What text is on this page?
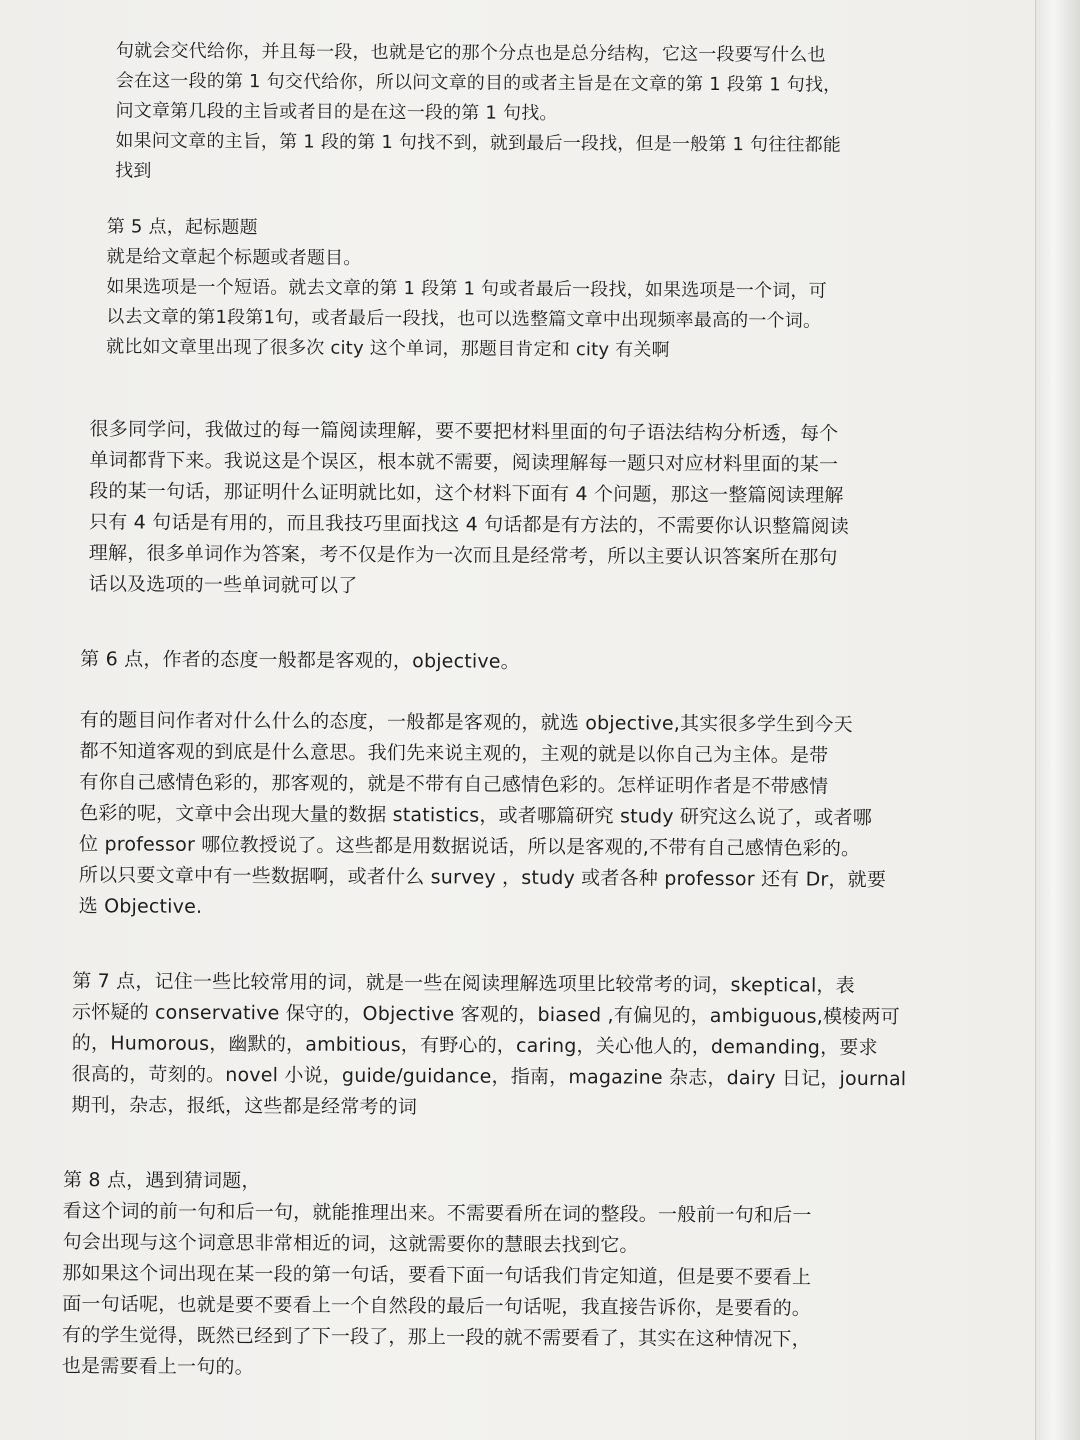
句就会交代给你，并且每一段，也就是它的那个分点也是总分结构，它这一段要写什么也

会在这一段的第 1 句交代给你，所以问文章的目的或者主旨是在文章的第 1 段第 1 句找，

问文章第几段的主旨或者目的是在这一段的第 1 句找。

如果问文章的主旨，第 1 段的第 1 句找不到，就到最后一段找，但是一般第 1 句往往都能

找到

第 5 点，起标题题

就是给文章起个标题或者题目。

如果选项是一个短语。就去文章的第 1 段第 1 句或者最后一段找，如果选项是一个词，可

以去文章的第1段第1句，或者最后一段找，也可以选整篇文章中出现频率最高的一个词。

就比如文章里出现了很多次 city 这个单词，那题目肯定和 city 有关啊

很多同学问，我做过的每一篇阅读理解，要不要把材料里面的句子语法结构分析透，每个

单词都背下来。我说这是个误区，根本就不需要，阅读理解每一题只对应材料里面的某一

段的某一句话，那证明什么证明就比如，这个材料下面有 4 个问题，那这一整篇阅读理解

只有 4 句话是有用的，而且我技巧里面找这 4 句话都是有方法的，不需要你认识整篇阅读

理解，很多单词作为答案，考不仅是作为一次而且是经常考，所以主要认识答案所在那句

话以及选项的一些单词就可以了

第 6 点，作者的态度一般都是客观的，objective。

有的题目问作者对什么什么的态度，一般都是客观的，就选 objective,其实很多学生到今天

都不知道客观的到底是什么意思。我们先来说主观的，主观的就是以你自己为主体。是带

有你自己感情色彩的，那客观的，就是不带有自己感情色彩的。怎样证明作者是不带感情

色彩的呢，文章中会出现大量的数据 statistics，或者哪篇研究 study 研究这么说了，或者哪

位 professor 哪位教授说了。这些都是用数据说话，所以是客观的,不带有自己感情色彩的。

所以只要文章中有一些数据啊，或者什么 survey ，study 或者各种 professor 还有 Dr，就要

选 Objective.

第 7 点，记住一些比较常用的词，就是一些在阅读理解选项里比较常考的词，skeptical，表

示怀疑的 conservative 保守的，Objective 客观的，biased ,有偏见的，ambiguous,模棱两可

的，Humorous，幽默的，ambitious，有野心的，caring，关心他人的，demanding，要求

很高的，苛刻的。novel 小说，guide/guidance，指南，magazine 杂志，dairy 日记，journal

期刊，杂志，报纸，这些都是经常考的词

第 8 点，遇到猜词题，

看这个词的前一句和后一句，就能推理出来。不需要看所在词的整段。一般前一句和后一

句会出现与这个词意思非常相近的词，这就需要你的慧眼去找到它。

那如果这个词出现在某一段的第一句话，要看下面一句话我们肯定知道，但是要不要看上

面一句话呢，也就是要不要看上一个自然段的最后一句话呢，我直接告诉你，是要看的。

有的学生觉得，既然已经到了下一段了，那上一段的就不需要看了，其实在这种情况下，

也是需要看上一句的。
